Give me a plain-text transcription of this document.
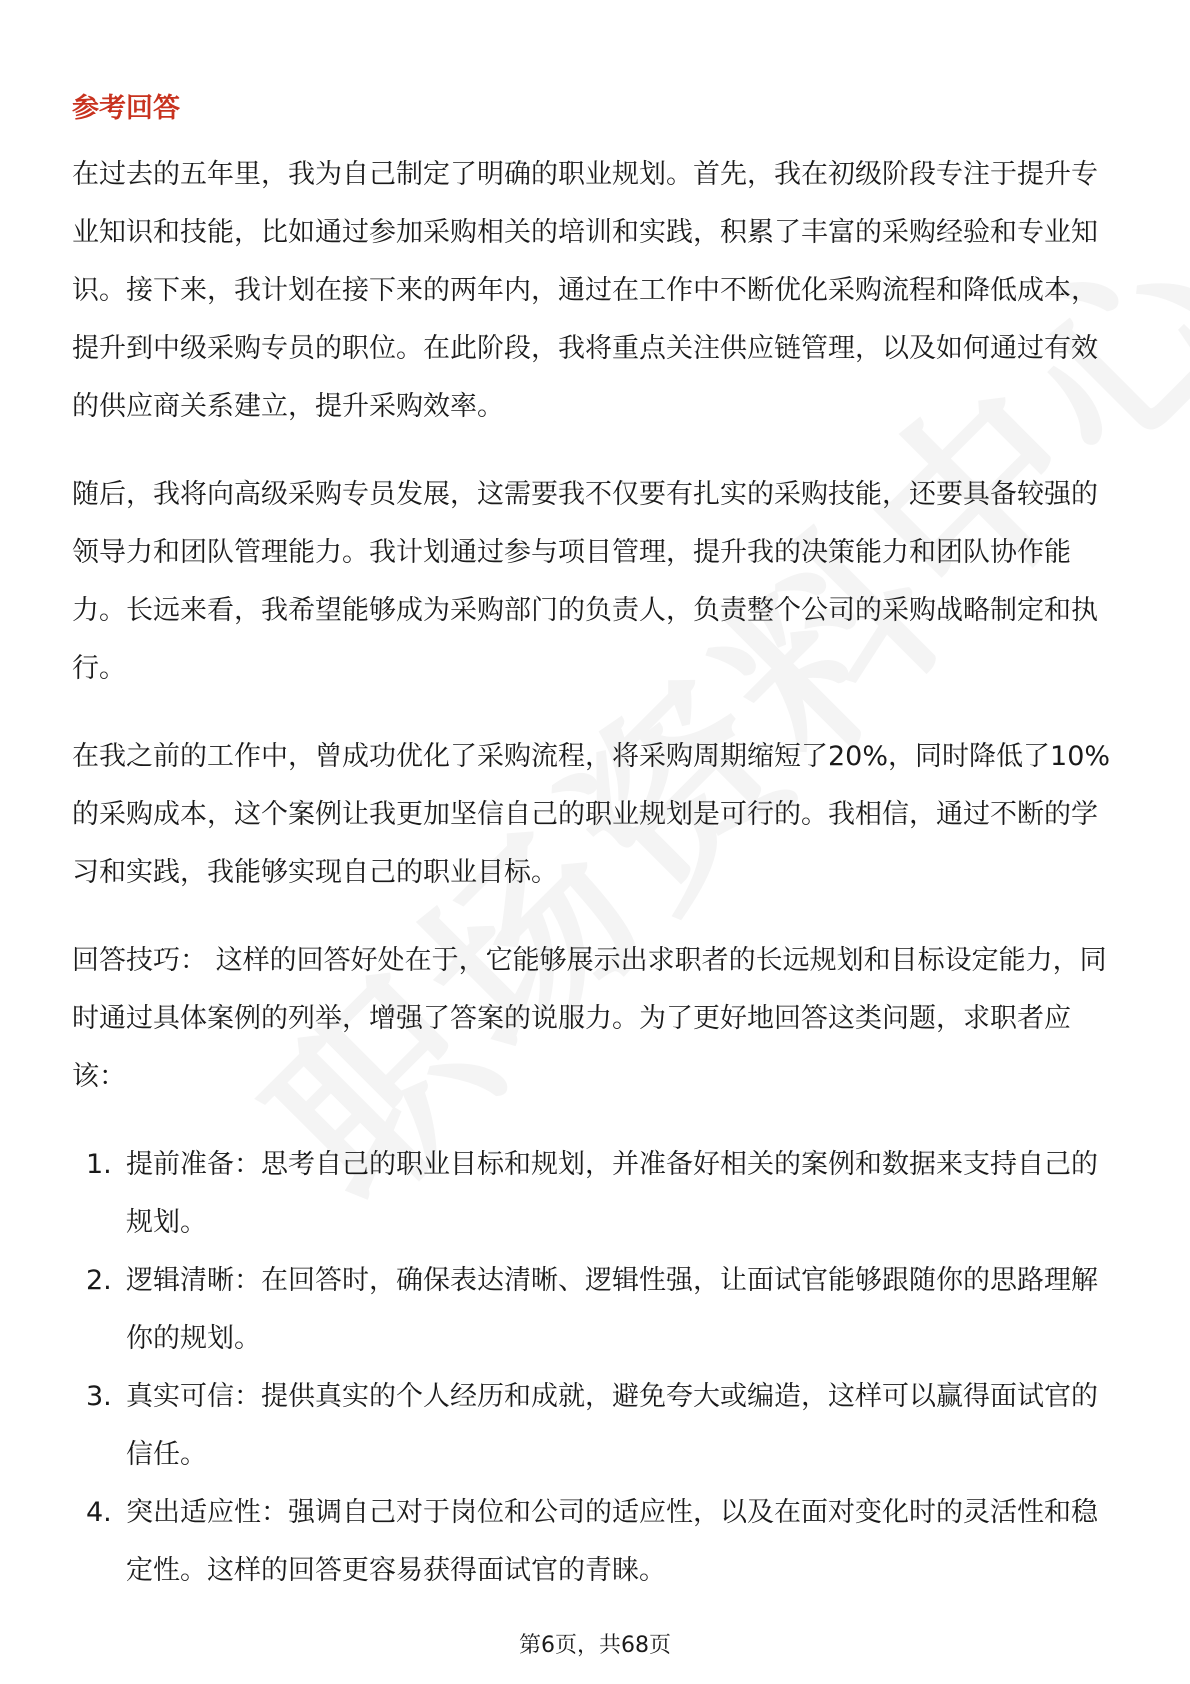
参考回答

在过去的五年里，我为自己制定了明确的职业规划。首先，我在初级阶段专注于提升专业知识和技能，比如通过参加采购相关的培训和实践，积累了丰富的采购经验和专业知识。接下来，我计划在接下来的两年内，通过在工作中不断优化采购流程和降低成本，提升到中级采购专员的职位。在此阶段，我将重点关注供应链管理，以及如何通过有效的供应商关系建立，提升采购效率。

随后，我将向高级采购专员发展，这需要我不仅要有扎实的采购技能，还要具备较强的领导力和团队管理能力。我计划通过参与项目管理，提升我的决策能力和团队协作能力。长远来看，我希望能够成为采购部门的负责人，负责整个公司的采购战略制定和执行。

在我之前的工作中，曾成功优化了采购流程，将采购周期缩短了20%，同时降低了10%的采购成本，这个案例让我更加坚信自己的职业规划是可行的。我相信，通过不断的学习和实践，我能够实现自己的职业目标。

回答技巧： 这样的回答好处在于，它能够展示出求职者的长远规划和目标设定能力，同时通过具体案例的列举，增强了答案的说服力。为了更好地回答这类问题，求职者应该：

1. 提前准备：思考自己的职业目标和规划，并准备好相关的案例和数据来支持自己的规划。
2. 逻辑清晰：在回答时，确保表达清晰、逻辑性强，让面试官能够跟随你的思路理解你的规划。
3. 真实可信：提供真实的个人经历和成就，避免夸大或编造，这样可以赢得面试官的信任。
4. 突出适应性：强调自己对于岗位和公司的适应性，以及在面对变化时的灵活性和稳定性。这样的回答更容易获得面试官的青睐。
第6页，共68页
